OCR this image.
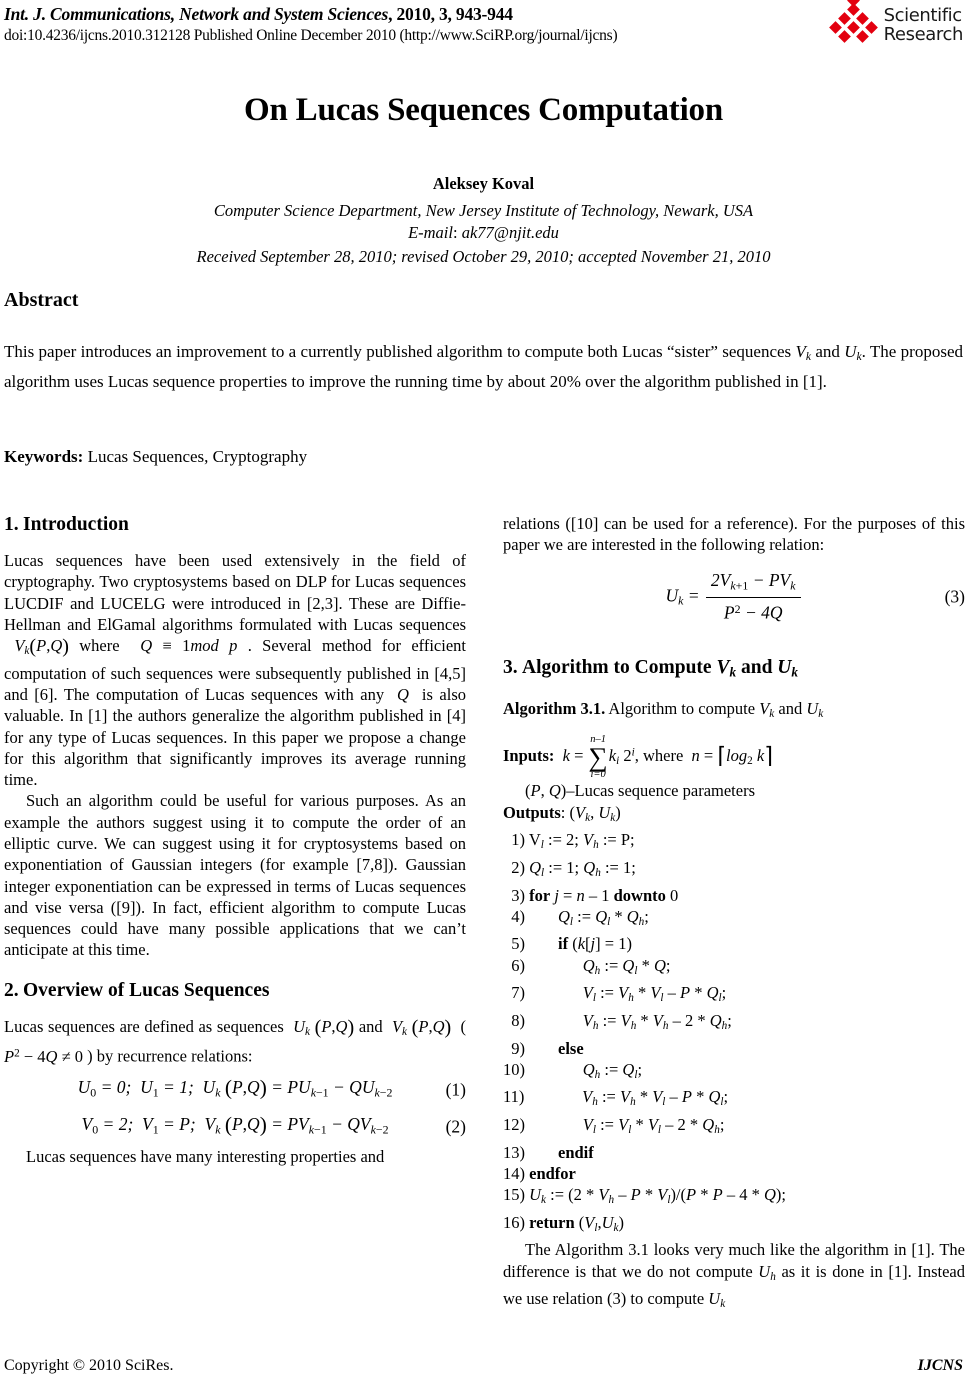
Int. J. Communications, Network and System Sciences, 2010, 3, 943-944
doi:10.4236/ijcns.2010.312128 Published Online December 2010 (http://www.SciRP.org/journal/ijcns)
Scientific
Research
On Lucas Sequences Computation
Aleksey Koval
Computer Science Department, New Jersey Institute of Technology, Newark, USA
E-mail: ak77@njit.edu
Received September 28, 2010; revised October 29, 2010; accepted November 21, 2010
Abstract
This paper introduces an improvement to a currently published algorithm to compute both Lucas “sister” sequences $V_k$ and $U_k$. The proposed algorithm uses Lucas sequence properties to improve the running time by about 20% over the algorithm published in [1].
Keywords: Lucas Sequences, Cryptography
1. Introduction

Lucas sequences have been used extensively in the field of cryptography. Two cryptosystems based on DLP for Lucas sequences LUCDIF and LUCELG were introduced in [2,3]. These are Diffie-Hellman and ElGamal algorithms formulated with Lucas sequences  $V_k(P,Q)$ where  Q ≡ 1mod p . Several method for efficient computation of such sequences were subsequently published in [4,5] and [6]. The computation of Lucas sequences with any  Q  is also valuable. In [1] the authors generalize the algorithm published in [4] for any type of Lucas sequences. In this paper we propose a change for this algorithm that significantly improves its average running time.

Such an algorithm could be useful for various purposes. As an example the authors suggest using it to compute the order of an elliptic curve. We can suggest using it for cryptosystems based on exponentiation of Gaussian integers (for example [7,8]). Gaussian integer exponentiation can be expressed in terms of Lucas sequences and vise versa ([9]). In fact, efficient algorithm to compute Lucas sequences could have many possible applications that we can’t anticipate at this time.

2. Overview of Lucas Sequences

Lucas sequences are defined as sequences  $U_k$ (P,Q) and  $V_k$ (P,Q)  ( $P^2 - 4Q \ne 0$ ) by recurrence relations:

$U_0 = 0$;  $U_1 = 1$;  $U_k$ $(P,Q) = PU_{k-1} - QU_{k-2}$	(1)
$V_0 = 2$;  $V_1 = P$;  $V_k$ $(P,Q) = PV_{k-1} - QV_{k-2}$	(2)

Lucas sequences have many interesting properties and

relations ([10] can be used for a reference). For the purposes of this paper we are interested in the following relation:

$U_k = \frac{2V_{k+1} - PV_k}{P^2 - 4Q}$	(3)
3. Algorithm to Compute $V_k$ and $U_k$
Algorithm 3.1. Algorithm to compute $V_k$ and $U_k$
Inputs:  k =
n–1
∑
i=0
$k_i$ 2$^i$, where  $n = ⌈\log_2$ k⌉
(P, Q)–Lucas sequence parameters
Outputs: ($V_k$, $U_k$)
1) $V_l$ := 2; $V_h$ := P;
2) $Q_l$ := 1; $Q_h$ := 1;
3) for j = n – 1 downto 0
4)        $Q_l$ := $Q_l * Q_h$;
5)        if (k[j] = 1)
6)              $Q_h$ := $Q_l$ * Q;
7)              $V_l$ := $V_h * V_l$ – P * $Q_l$;
8)              $V_h$ := $V_h * V_h - 2 * Q_h$;
9)        else
10)              $Q_h$ := $Q_l$;
11)              $V_h$ := $V_h * V_l$ – P * $Q_l$;
12)              $V_l$ := $V_l * V_l - 2 * Q_h$;
13)        endif
14) endfor
15) $U_k$ := ($2 * V_h$ – P * $V_l)/(P$ * P – 4 * Q);
16) return $(V_l,U_k)$

The Algorithm 3.1 looks very much like the algorithm in [1]. The difference is that we do not compute $U_h$ as it is done in [1]. Instead we use relation (3) to compute $U_k$

Copyright © 2010 SciRes.	IJCNS
